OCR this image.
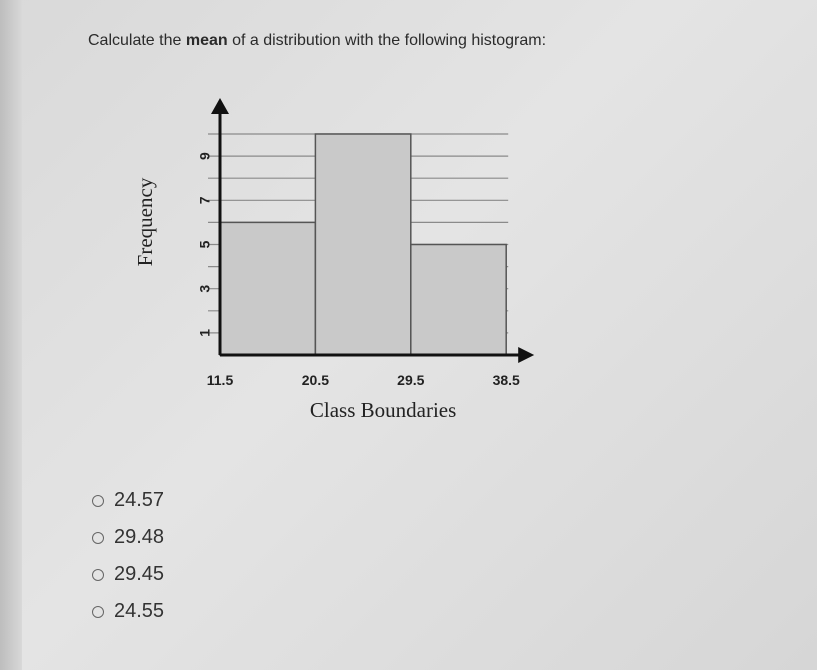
Calculate the mean of a distribution with the following histogram:
1
3
5
7
9
11.5	20.5	29.5	38.5
Class Boundaries
Frequency
24.57
29.48
29.45
24.55
